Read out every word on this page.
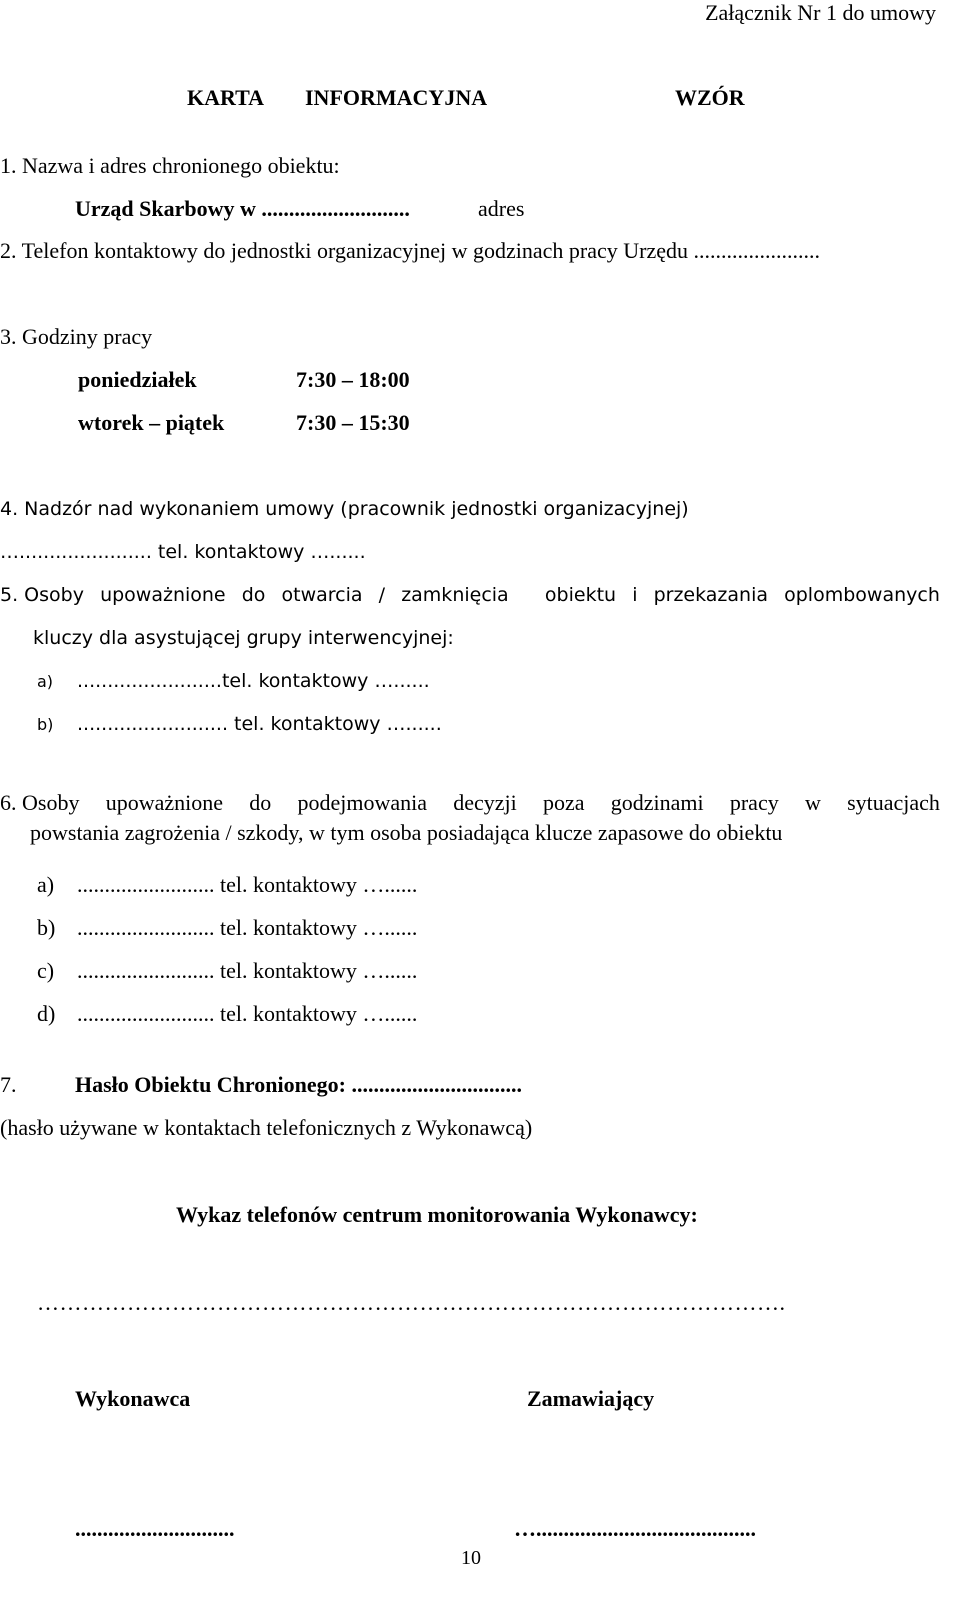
Załącznik Nr 1 do umowy
KARTA INFORMACYJNA	WZÓR
1. Nazwa i adres chronionego obiektu:
Urząd Skarbowy w ...........................	adres
2. Telefon kontaktowy do jednostki organizacyjnej w godzinach pracy Urzędu .......................
3. Godziny pracy
poniedziałek	7:30 – 18:00
wtorek – piątek	7:30 – 15:30
4. Nadzór nad wykonaniem umowy (pracownik jednostki organizacyjnej)
…...................... tel. kontaktowy …......
5. Osoby upoważnione do otwarcia / zamknięcia obiektu i przekazania oplombowanych
kluczy dla asystującej grupy interwencyjnej:
a) ........................tel. kontaktowy …......
b) ......................... tel. kontaktowy …......
6. Osoby upoważnione do podejmowania decyzji poza godzinami pracy w sytuacjach
powstania zagrożenia / szkody, w tym osoba posiadająca klucze zapasowe do obiektu
a) ......................... tel. kontaktowy …......
b) ......................... tel. kontaktowy …......
c) ......................... tel. kontaktowy …......
d) ......................... tel. kontaktowy …......
7.	Hasło Obiektu Chronionego: ...............................
(hasło używane w kontaktach telefonicznych z Wykonawcą)
Wykaz telefonów centrum monitorowania Wykonawcy:
……………………………………………………………………………………….
Wykonawca	Zamawiający
.............................	…........................................
10
